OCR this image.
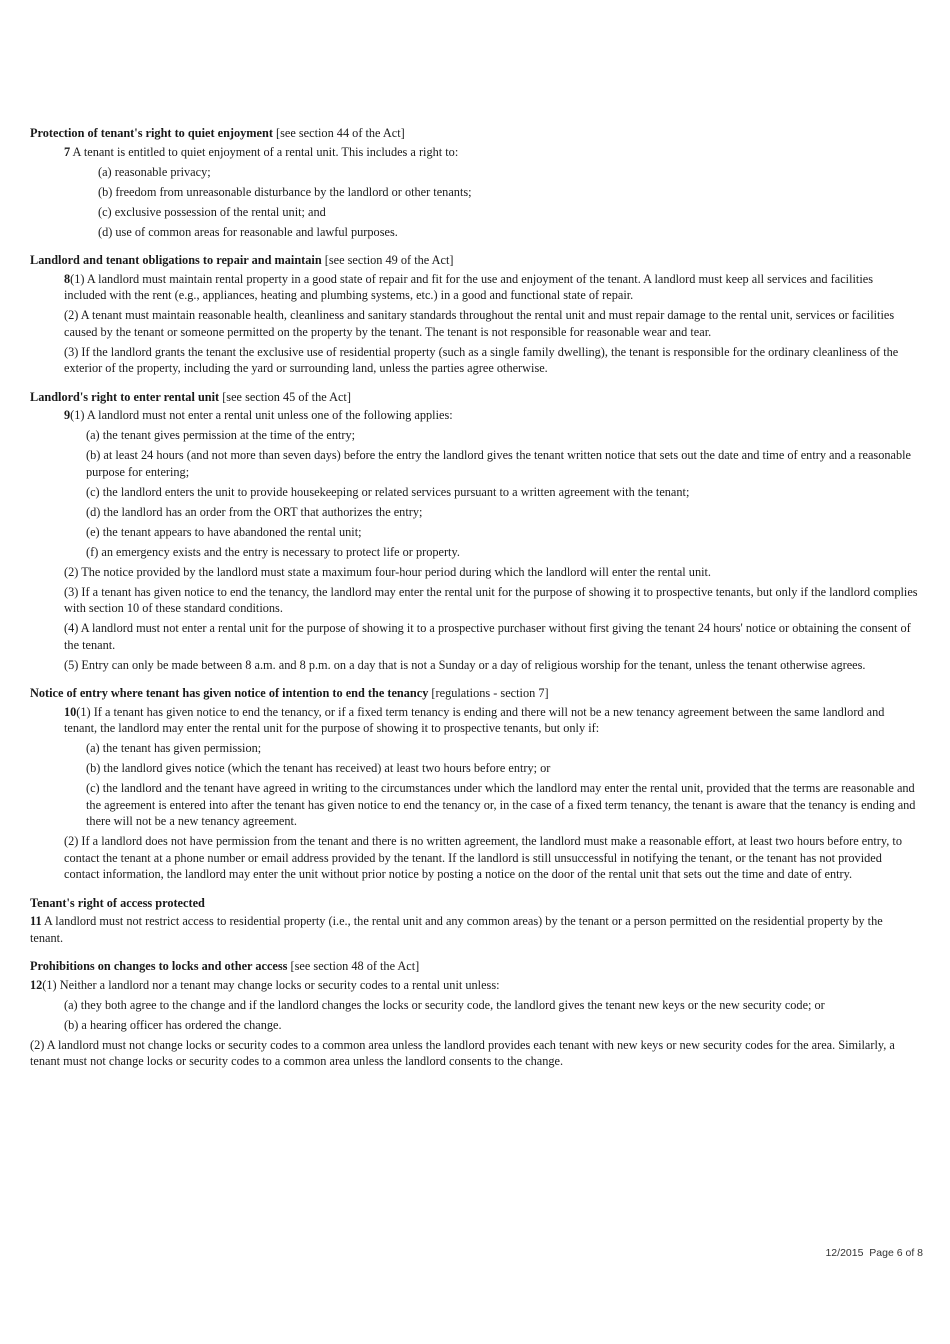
Protection of tenant's right to quiet enjoyment [see section 44 of the Act]

7 A tenant is entitled to quiet enjoyment of a rental unit. This includes a right to:

(a) reasonable privacy;

(b) freedom from unreasonable disturbance by the landlord or other tenants;

(c) exclusive possession of the rental unit; and

(d) use of common areas for reasonable and lawful purposes.

Landlord and tenant obligations to repair and maintain [see section 49 of the Act]

8(1) A landlord must maintain rental property in a good state of repair and fit for the use and enjoyment of the tenant. A landlord must keep all services and facilities included with the rent (e.g., appliances, heating and plumbing systems, etc.) in a good and functional state of repair.

(2) A tenant must maintain reasonable health, cleanliness and sanitary standards throughout the rental unit and must repair damage to the rental unit, services or facilities caused by the tenant or someone permitted on the property by the tenant. The tenant is not responsible for reasonable wear and tear.

(3) If the landlord grants the tenant the exclusive use of residential property (such as a single family dwelling), the tenant is responsible for the ordinary cleanliness of the exterior of the property, including the yard or surrounding land, unless the parties agree otherwise.

Landlord's right to enter rental unit [see section 45 of the Act]

9(1) A landlord must not enter a rental unit unless one of the following applies:

(a) the tenant gives permission at the time of the entry;

(b) at least 24 hours (and not more than seven days) before the entry the landlord gives the tenant written notice that sets out the date and time of entry and a reasonable purpose for entering;

(c) the landlord enters the unit to provide housekeeping or related services pursuant to a written agreement with the tenant;

(d) the landlord has an order from the ORT that authorizes the entry;

(e) the tenant appears to have abandoned the rental unit;

(f) an emergency exists and the entry is necessary to protect life or property.

(2) The notice provided by the landlord must state a maximum four-hour period during which the landlord will enter the rental unit.

(3) If a tenant has given notice to end the tenancy, the landlord may enter the rental unit for the purpose of showing it to prospective tenants, but only if the landlord complies with section 10 of these standard conditions.

(4) A landlord must not enter a rental unit for the purpose of showing it to a prospective purchaser without first giving the tenant 24 hours' notice or obtaining the consent of the tenant.

(5) Entry can only be made between 8 a.m. and 8 p.m. on a day that is not a Sunday or a day of religious worship for the tenant, unless the tenant otherwise agrees.

Notice of entry where tenant has given notice of intention to end the tenancy [regulations - section 7]

10(1) If a tenant has given notice to end the tenancy, or if a fixed term tenancy is ending and there will not be a new tenancy agreement between the same landlord and tenant, the landlord may enter the rental unit for the purpose of showing it to prospective tenants, but only if:

(a) the tenant has given permission;

(b) the landlord gives notice (which the tenant has received) at least two hours before entry; or

(c) the landlord and the tenant have agreed in writing to the circumstances under which the landlord may enter the rental unit, provided that the terms are reasonable and the agreement is entered into after the tenant has given notice to end the tenancy or, in the case of a fixed term tenancy, the tenant is aware that the tenancy is ending and there will not be a new tenancy agreement.

(2) If a landlord does not have permission from the tenant and there is no written agreement, the landlord must make a reasonable effort, at least two hours before entry, to contact the tenant at a phone number or email address provided by the tenant. If the landlord is still unsuccessful in notifying the tenant, or the tenant has not provided contact information, the landlord may enter the unit without prior notice by posting a notice on the door of the rental unit that sets out the time and date of entry.

Tenant's right of access protected

11 A landlord must not restrict access to residential property (i.e., the rental unit and any common areas) by the tenant or a person permitted on the residential property by the tenant.

Prohibitions on changes to locks and other access [see section 48 of the Act]

12(1) Neither a landlord nor a tenant may change locks or security codes to a rental unit unless:

(a) they both agree to the change and if the landlord changes the locks or security code, the landlord gives the tenant new keys or the new security code; or

(b) a hearing officer has ordered the change.

(2) A landlord must not change locks or security codes to a common area unless the landlord provides each tenant with new keys or new security codes for the area. Similarly, a tenant must not change locks or security codes to a common area unless the landlord consents to the change.

12/2015 Page 6 of 8
